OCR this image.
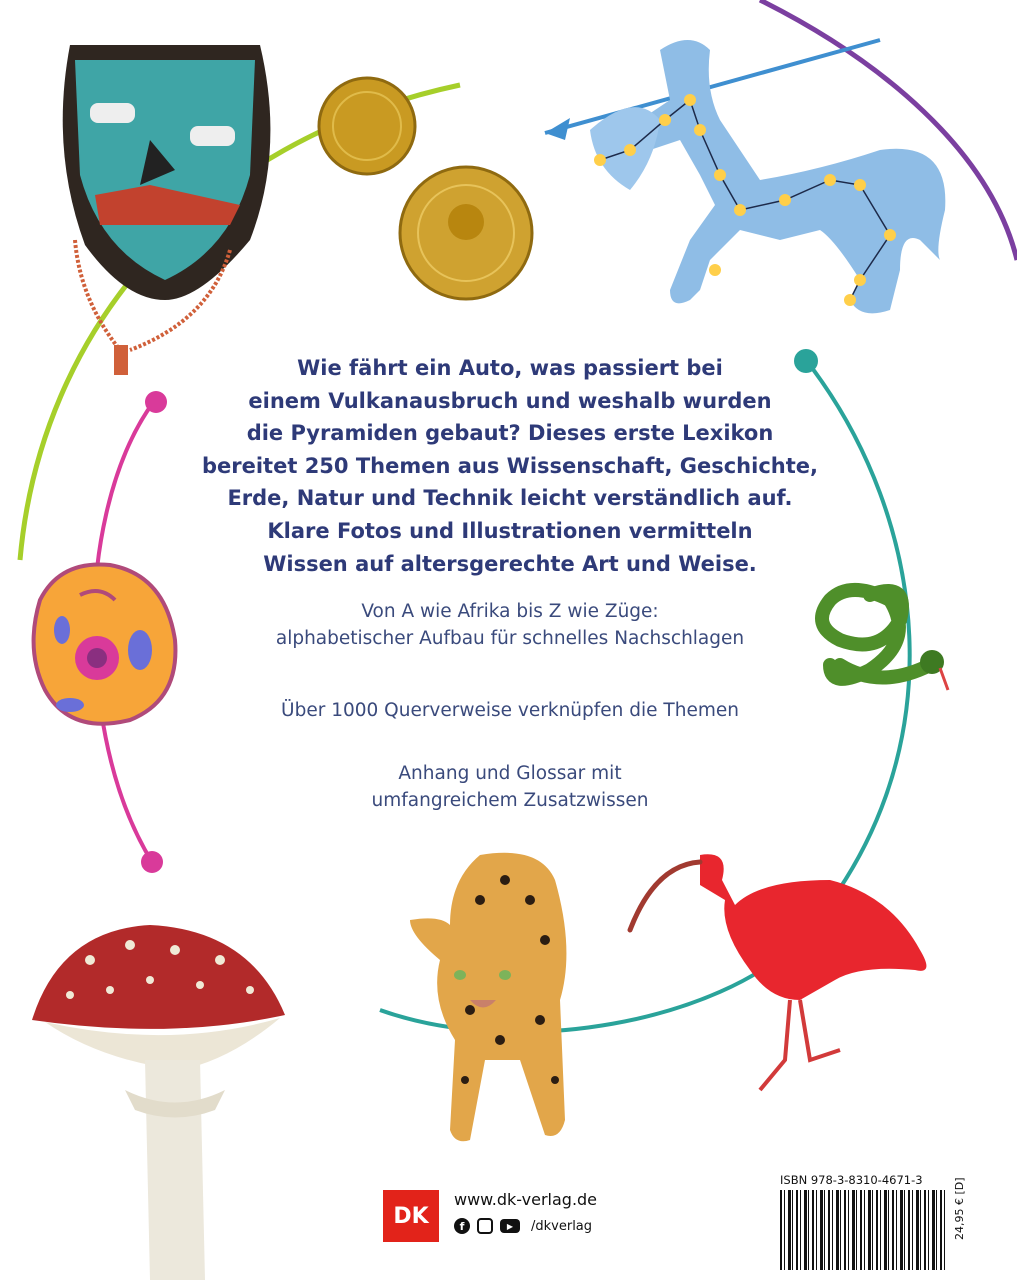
Wie fährt ein Auto, was passiert bei
einem Vulkanausbruch und weshalb wurden
die Pyramiden gebaut? Dieses erste Lexikon
bereitet 250 Themen aus Wissenschaft, Geschichte,
Erde, Natur und Technik leicht verständlich auf.
Klare Fotos und Illustrationen vermitteln
Wissen auf altersgerechte Art und Weise.
Von A wie Afrika bis Z wie Züge:
alphabetischer Aufbau für schnelles Nachschlagen
Über 1000 Querverweise verknüpfen die Themen
Anhang und Glossar mit
umfangreichem Zusatzwissen
DK
www.dk-verlag.de
f	▶	/dkverlag
ISBN 978-3-8310-4671-3	24,95 € [D]
